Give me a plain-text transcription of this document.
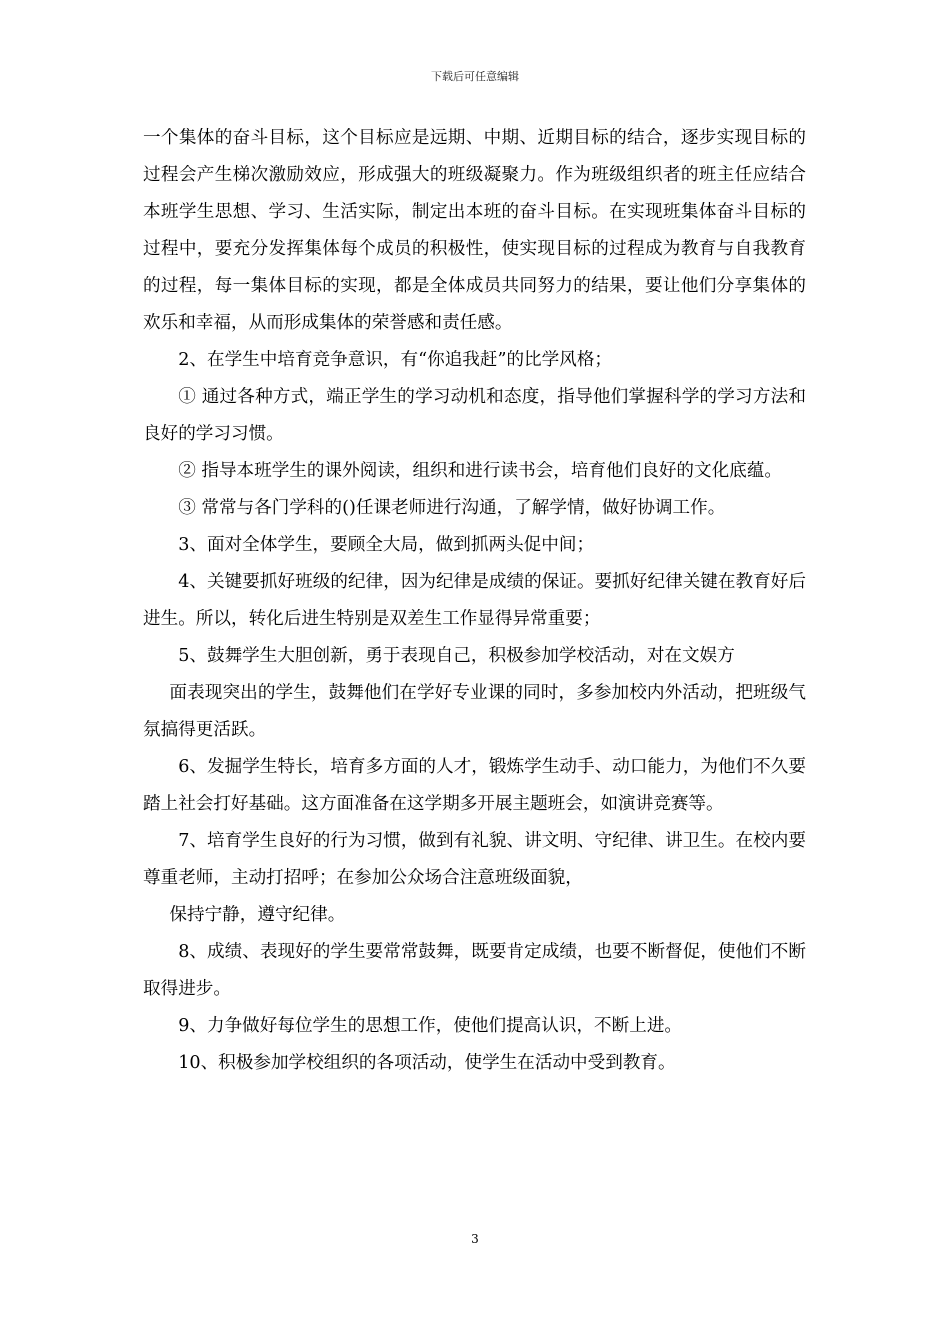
下载后可任意编辑

一个集体的奋斗目标，这个目标应是远期、中期、近期目标的结合，逐步实现目标的过程会产生梯次激励效应，形成强大的班级凝聚力。作为班级组织者的班主任应结合本班学生思想、学习、生活实际，制定出本班的奋斗目标。在实现班集体奋斗目标的过程中，要充分发挥集体每个成员的积极性，使实现目标的过程成为教育与自我教育的过程，每一集体目标的实现，都是全体成员共同努力的结果，要让他们分享集体的欢乐和幸福，从而形成集体的荣誉感和责任感。

2、在学生中培育竞争意识，有“你追我赶”的比学风格；

① 通过各种方式，端正学生的学习动机和态度，指导他们掌握科学的学习方法和良好的学习习惯。

② 指导本班学生的课外阅读，组织和进行读书会，培育他们良好的文化底蕴。

③ 常常与各门学科的()任课老师进行沟通，了解学情，做好协调工作。

3、面对全体学生，要顾全大局，做到抓两头促中间；

4、关键要抓好班级的纪律，因为纪律是成绩的保证。要抓好纪律关键在教育好后进生。所以，转化后进生特别是双差生工作显得异常重要；

5、鼓舞学生大胆创新，勇于表现自己，积极参加学校活动，对在文娱方

面表现突出的学生，鼓舞他们在学好专业课的同时，多参加校内外活动，把班级气氛搞得更活跃。

6、发掘学生特长，培育多方面的人才，锻炼学生动手、动口能力，为他们不久要踏上社会打好基础。这方面准备在这学期多开展主题班会，如演讲竞赛等。

7、培育学生良好的行为习惯，做到有礼貌、讲文明、守纪律、讲卫生。在校内要尊重老师，主动打招呼；在参加公众场合注意班级面貌，

保持宁静，遵守纪律。

8、成绩、表现好的学生要常常鼓舞，既要肯定成绩，也要不断督促，使他们不断取得进步。

9、力争做好每位学生的思想工作，使他们提高认识，不断上进。

10、积极参加学校组织的各项活动，使学生在活动中受到教育。

3
